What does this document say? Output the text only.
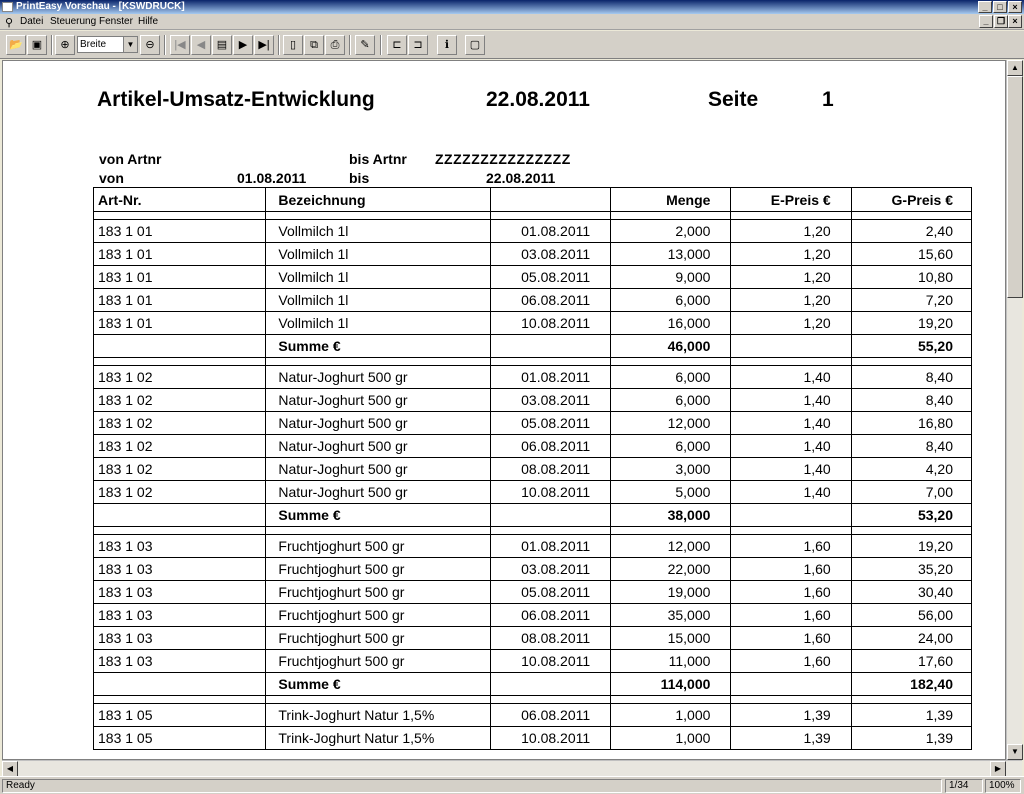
PrintEasy Vorschau - [KSWDRUCK]	_	□	×
⚲ Datei Steuerung Fenster Hilfe	_ ❐ ×
📂 ▣	⊕	⊖	|◀	◀	▤	▶	▶|	▯	⧉	⎙	✎	⊏	⊐	ℹ	▢
Breite	▼
Artikel-Umsatz-Entwicklung	22.08.2011	Seite	1
von Artnr	bis Artnr ZZZZZZZZZZZZZZZ
von	01.08.2011	bis	22.08.2011
Art-Nr.	Bezeichnung		Menge	E-Preis €	G-Preis €

183 1 01	Vollmilch 1l	01.08.2011	2,000	1,20	2,40
183 1 01	Vollmilch 1l	03.08.2011	13,000	1,20	15,60
183 1 01	Vollmilch 1l	05.08.2011	9,000	1,20	10,80
183 1 01	Vollmilch 1l	06.08.2011	6,000	1,20	7,20
183 1 01	Vollmilch 1l	10.08.2011	16,000	1,20	19,20
	Summe €		46,000		55,20

183 1 02	Natur-Joghurt 500 gr	01.08.2011	6,000	1,40	8,40
183 1 02	Natur-Joghurt 500 gr	03.08.2011	6,000	1,40	8,40
183 1 02	Natur-Joghurt 500 gr	05.08.2011	12,000	1,40	16,80
183 1 02	Natur-Joghurt 500 gr	06.08.2011	6,000	1,40	8,40
183 1 02	Natur-Joghurt 500 gr	08.08.2011	3,000	1,40	4,20
183 1 02	Natur-Joghurt 500 gr	10.08.2011	5,000	1,40	7,00
	Summe €		38,000		53,20

183 1 03	Fruchtjoghurt 500 gr	01.08.2011	12,000	1,60	19,20
183 1 03	Fruchtjoghurt 500 gr	03.08.2011	22,000	1,60	35,20
183 1 03	Fruchtjoghurt 500 gr	05.08.2011	19,000	1,60	30,40
183 1 03	Fruchtjoghurt 500 gr	06.08.2011	35,000	1,60	56,00
183 1 03	Fruchtjoghurt 500 gr	08.08.2011	15,000	1,60	24,00
183 1 03	Fruchtjoghurt 500 gr	10.08.2011	11,000	1,60	17,60
	Summe €		114,000		182,40

183 1 05	Trink-Joghurt Natur 1,5%	06.08.2011	1,000	1,39	1,39
183 1 05	Trink-Joghurt Natur 1,5%	10.08.2011	1,000	1,39	1,39
▲
▼
◀	▶
Ready	1/34	100%
